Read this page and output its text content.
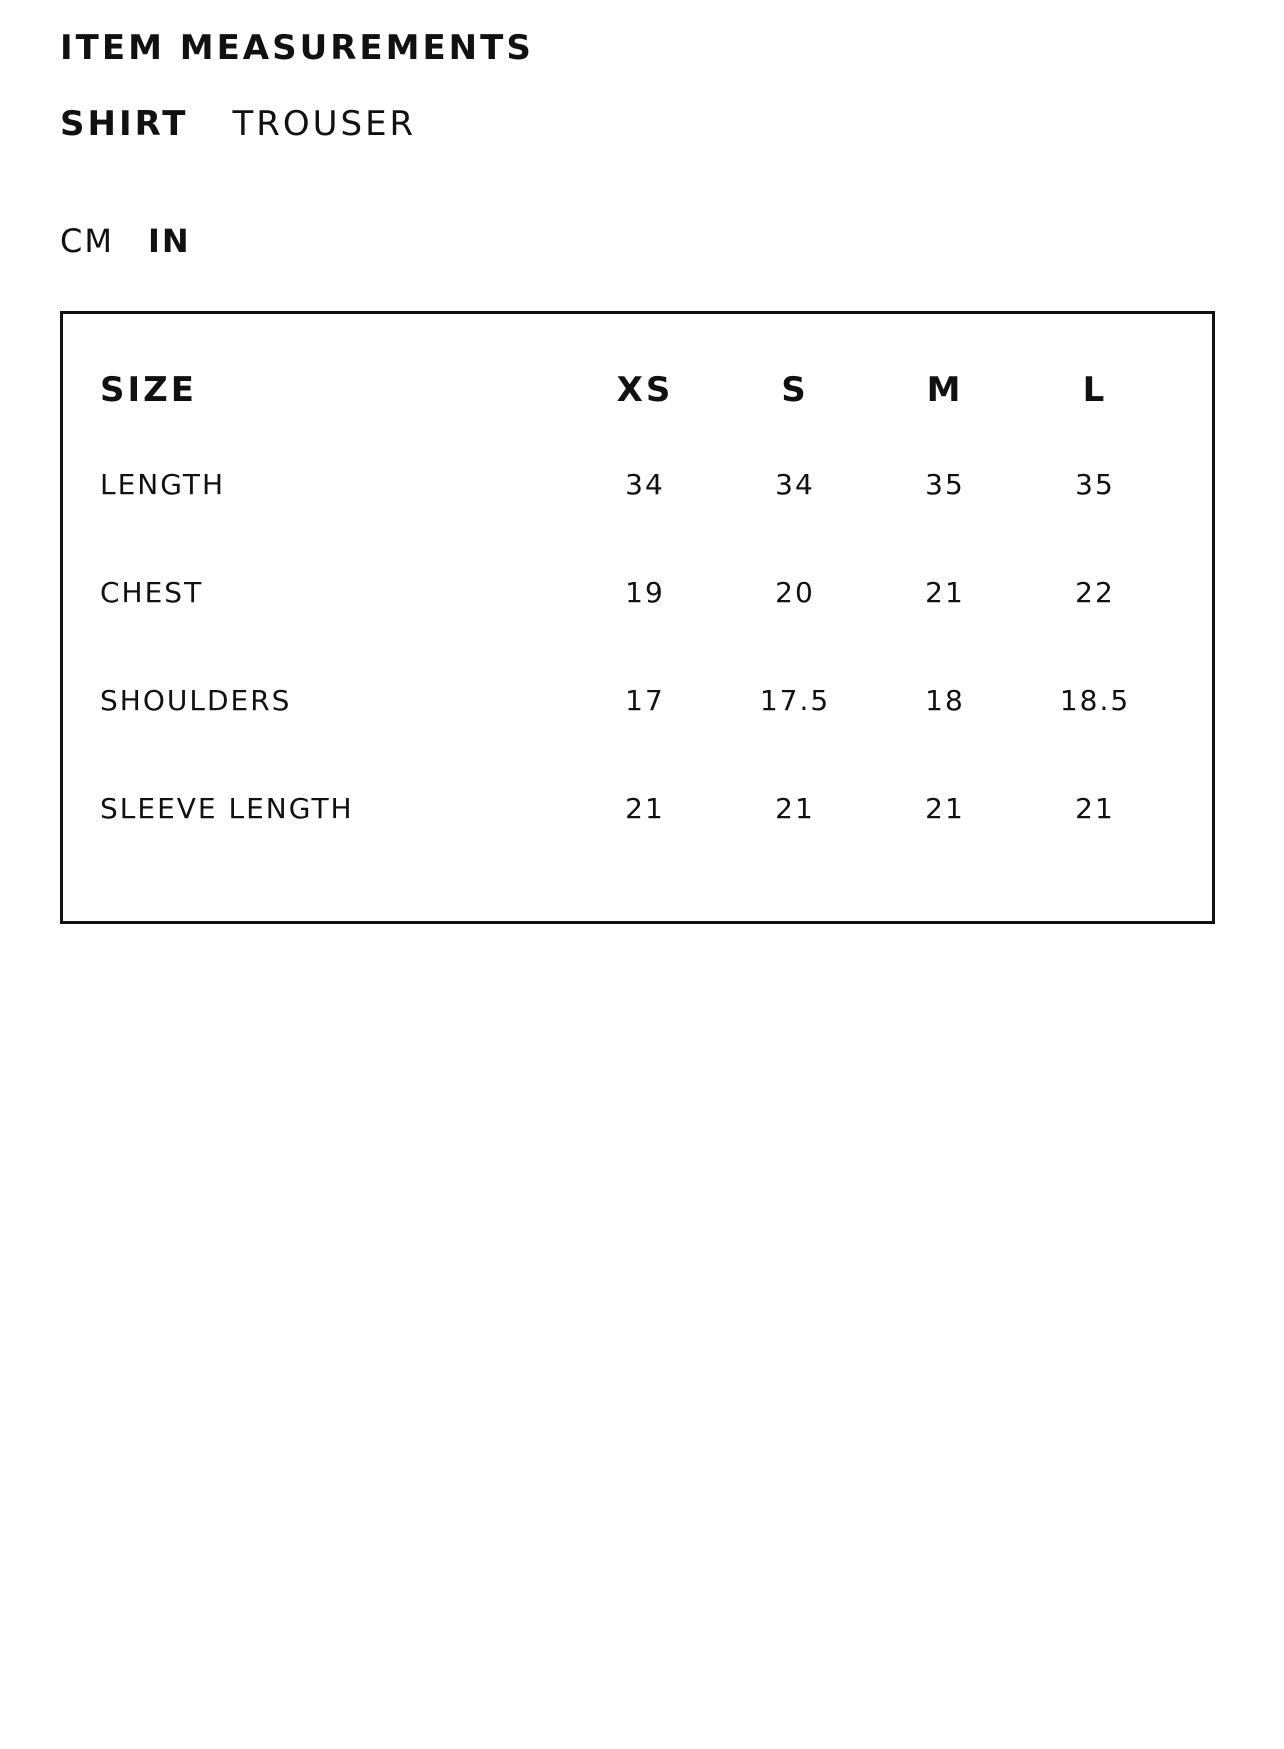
ITEM MEASUREMENTS
SHIRT TROUSER
CM IN
SIZE	XS	S	M	L
LENGTH	34	34	35	35
CHEST	19	20	21	22
SHOULDERS	17	17.5	18	18.5
SLEEVE LENGTH	21	21	21	21
